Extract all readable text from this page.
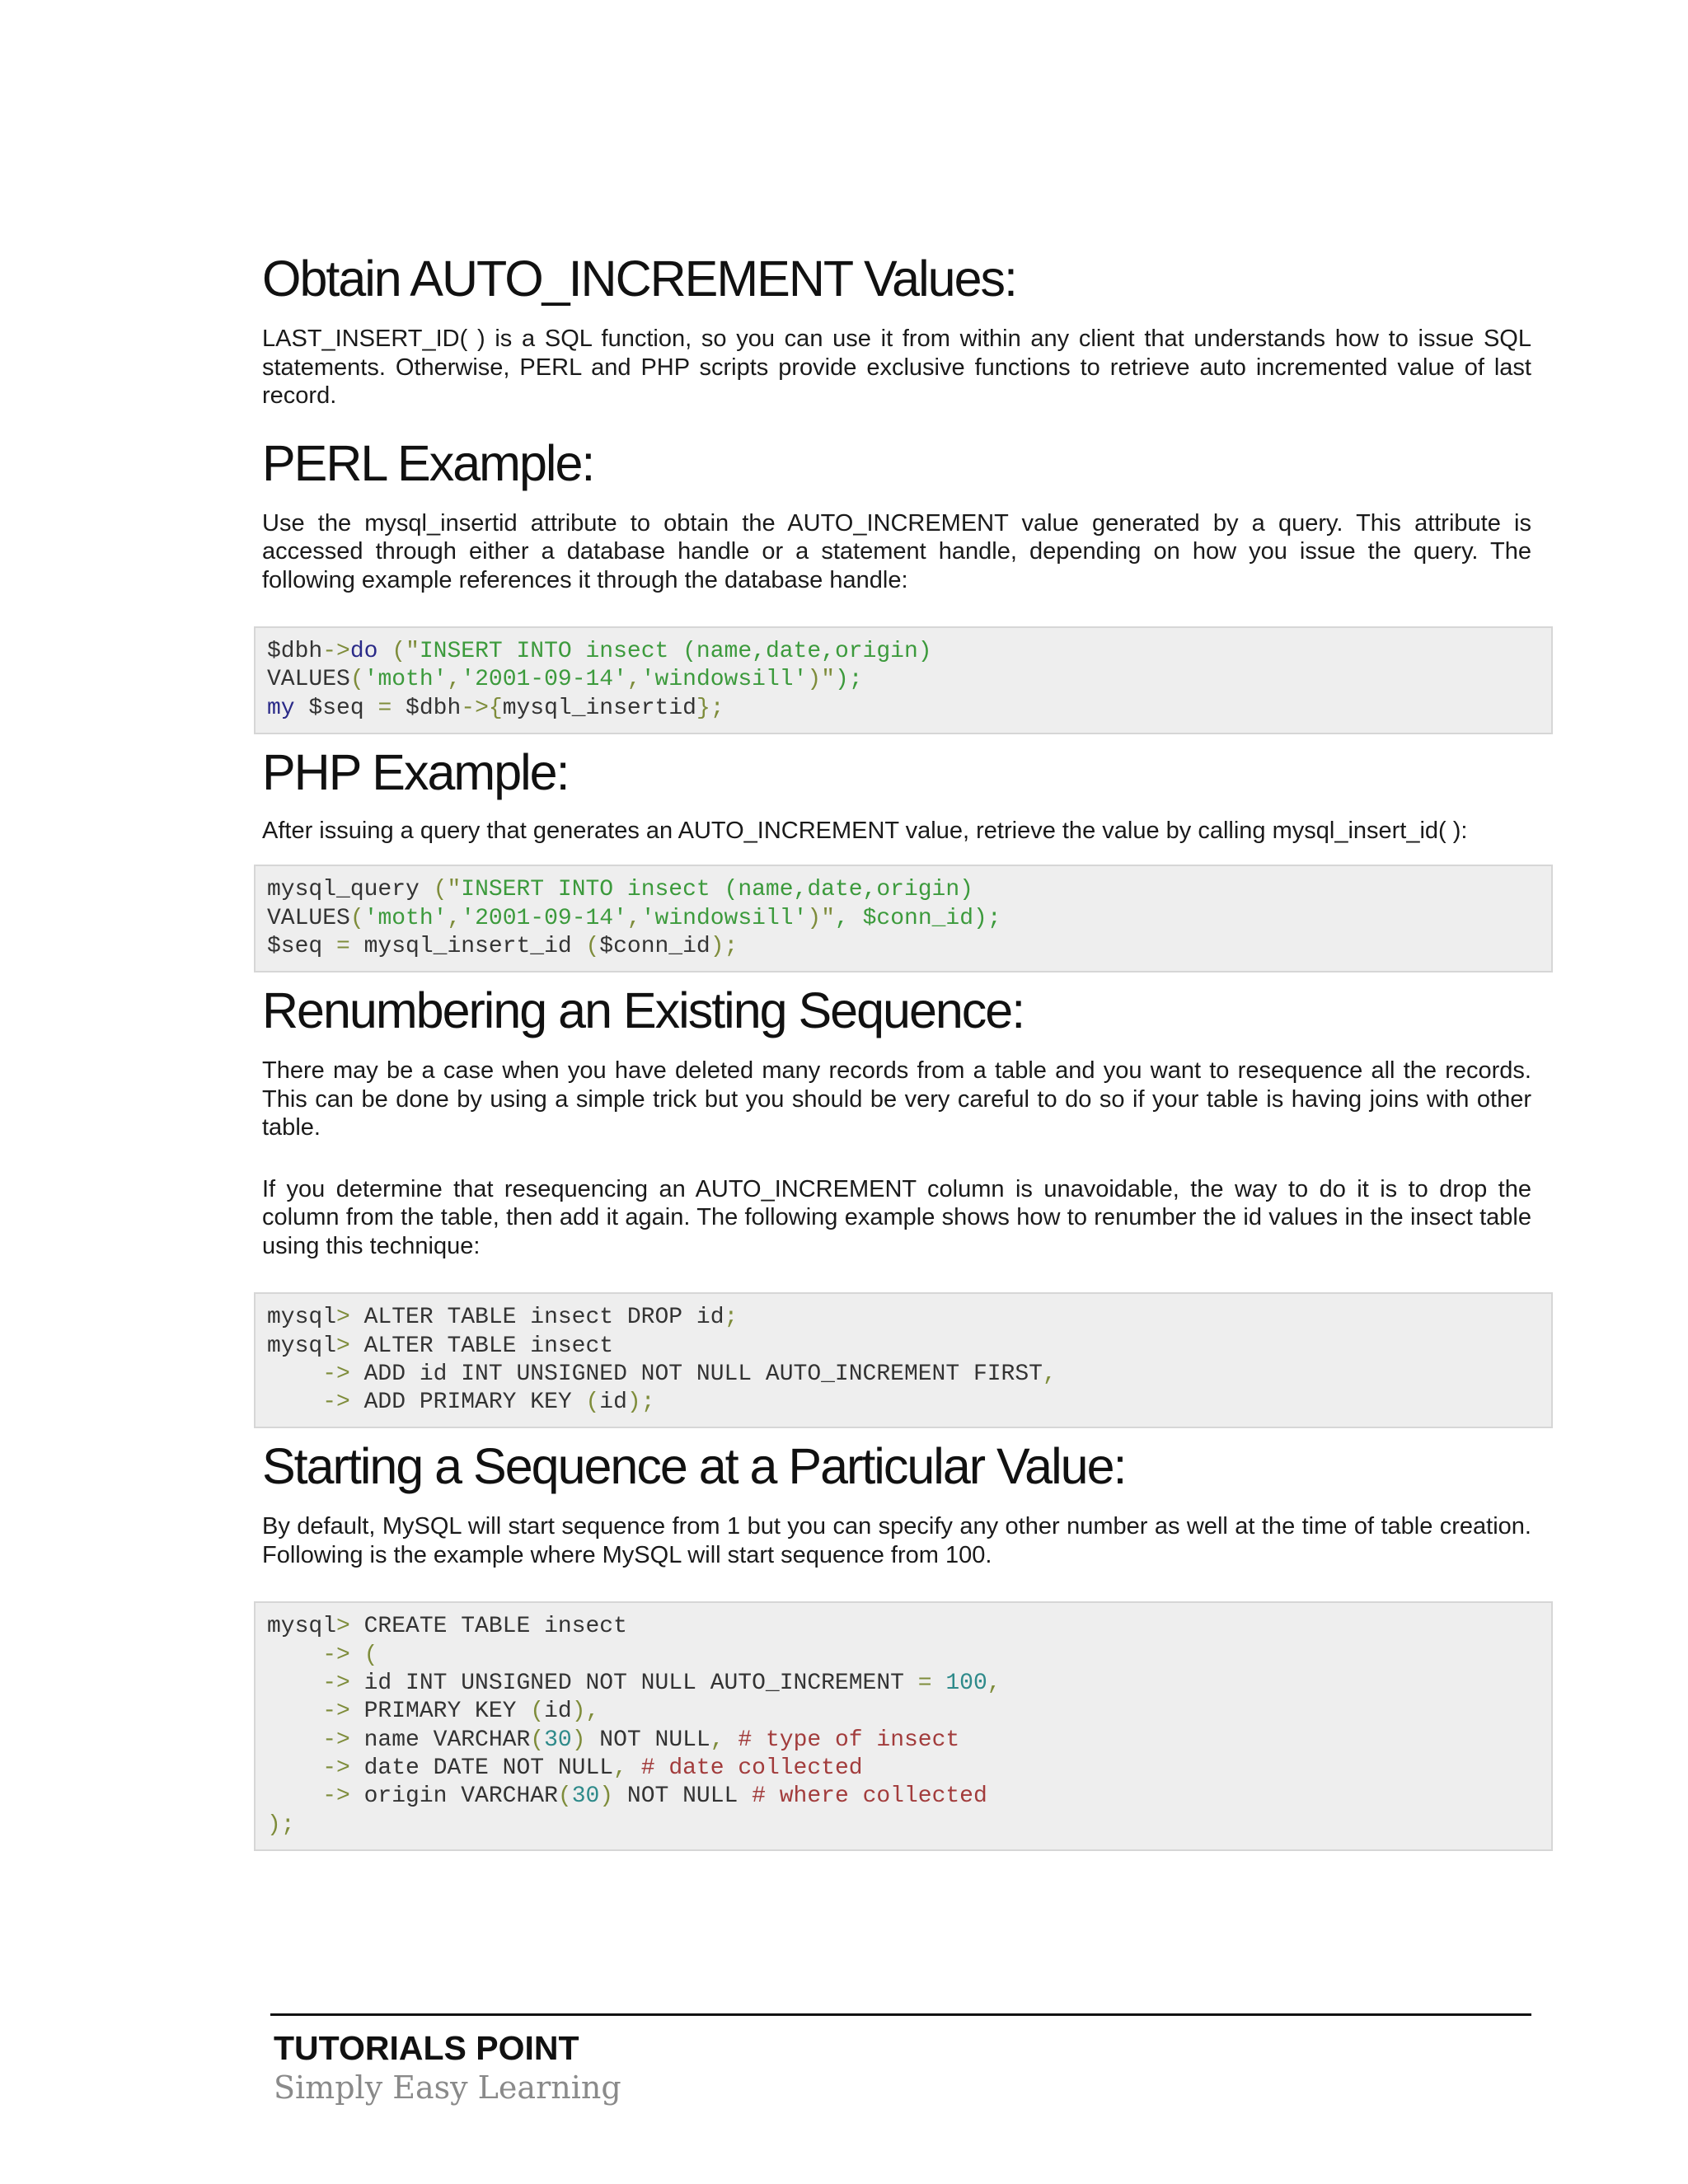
Obtain AUTO_INCREMENT Values:

LAST_INSERT_ID( ) is a SQL function, so you can use it from within any client that understands how to issue SQL statements. Otherwise, PERL and PHP scripts provide exclusive functions to retrieve auto incremented value of last record.

PERL Example:

Use the mysql_insertid attribute to obtain the AUTO_INCREMENT value generated by a query. This attribute is accessed through either a database handle or a statement handle, depending on how you issue the query. The following example references it through the database handle:

$dbh->do ("INSERT INTO insect (name,date,origin)
VALUES('moth','2001-09-14','windowsill')");
my $seq = $dbh->{mysql_insertid};
PHP Example:

After issuing a query that generates an AUTO_INCREMENT value, retrieve the value by calling mysql_insert_id( ):

mysql_query ("INSERT INTO insect (name,date,origin)
VALUES('moth','2001-09-14','windowsill')", $conn_id);
$seq = mysql_insert_id ($conn_id);
Renumbering an Existing Sequence:

There may be a case when you have deleted many records from a table and you want to resequence all the records. This can be done by using a simple trick but you should be very careful to do so if your table is having joins with other table.

If you determine that resequencing an AUTO_INCREMENT column is unavoidable, the way to do it is to drop the column from the table, then add it again. The following example shows how to renumber the id values in the insect table using this technique:

mysql> ALTER TABLE insect DROP id;
mysql> ALTER TABLE insect
-> ADD id INT UNSIGNED NOT NULL AUTO_INCREMENT FIRST,
-> ADD PRIMARY KEY (id);
Starting a Sequence at a Particular Value:

By default, MySQL will start sequence from 1 but you can specify any other number as well at the time of table creation. Following is the example where MySQL will start sequence from 100.

mysql> CREATE TABLE insect
-> (
-> id INT UNSIGNED NOT NULL AUTO_INCREMENT = 100,
-> PRIMARY KEY (id),
-> name VARCHAR(30) NOT NULL, # type of insect
-> date DATE NOT NULL, # date collected
-> origin VARCHAR(30) NOT NULL # where collected
);
TUTORIALS POINT
Simply Easy Learning
